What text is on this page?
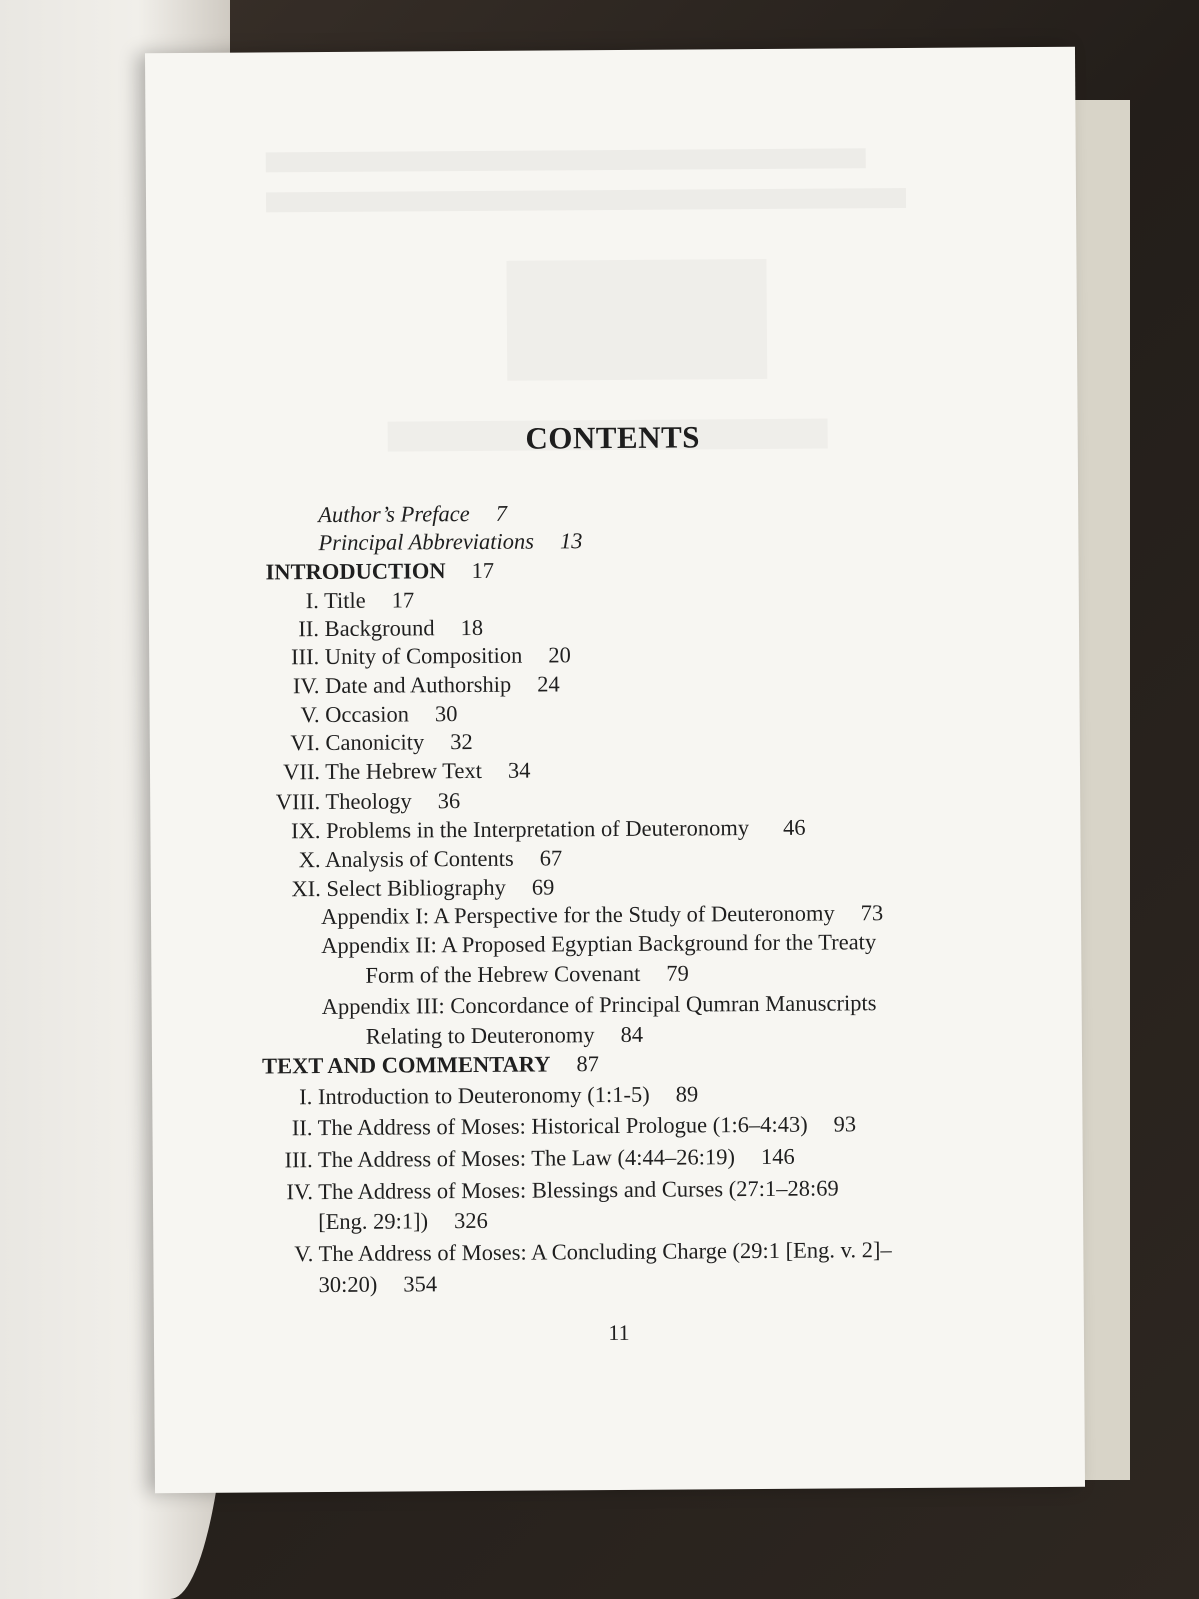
CONTENTS
Author’s Preface 7
Principal Abbreviations 13
INTRODUCTION 17
I. Title 17
II. Background 18
III. Unity of Composition 20
IV. Date and Authorship 24
V. Occasion 30
VI. Canonicity 32
VII. The Hebrew Text 34
VIII. Theology 36
IX. Problems in the Interpretation of Deuteronomy 46
X. Analysis of Contents 67
XI. Select Bibliography 69
Appendix I: A Perspective for the Study of Deuteronomy 73
Appendix II: A Proposed Egyptian Background for the Treaty
Form of the Hebrew Covenant 79
Appendix III: Concordance of Principal Qumran Manuscripts
Relating to Deuteronomy 84
TEXT AND COMMENTARY 87
I. Introduction to Deuteronomy (1:1-5) 89
II. The Address of Moses: Historical Prologue (1:6–4:43) 93
III. The Address of Moses: The Law (4:44–26:19) 146
IV. The Address of Moses: Blessings and Curses (27:1–28:69
[Eng. 29:1]) 326
V. The Address of Moses: A Concluding Charge (29:1 [Eng. v. 2]–
30:20) 354
11
